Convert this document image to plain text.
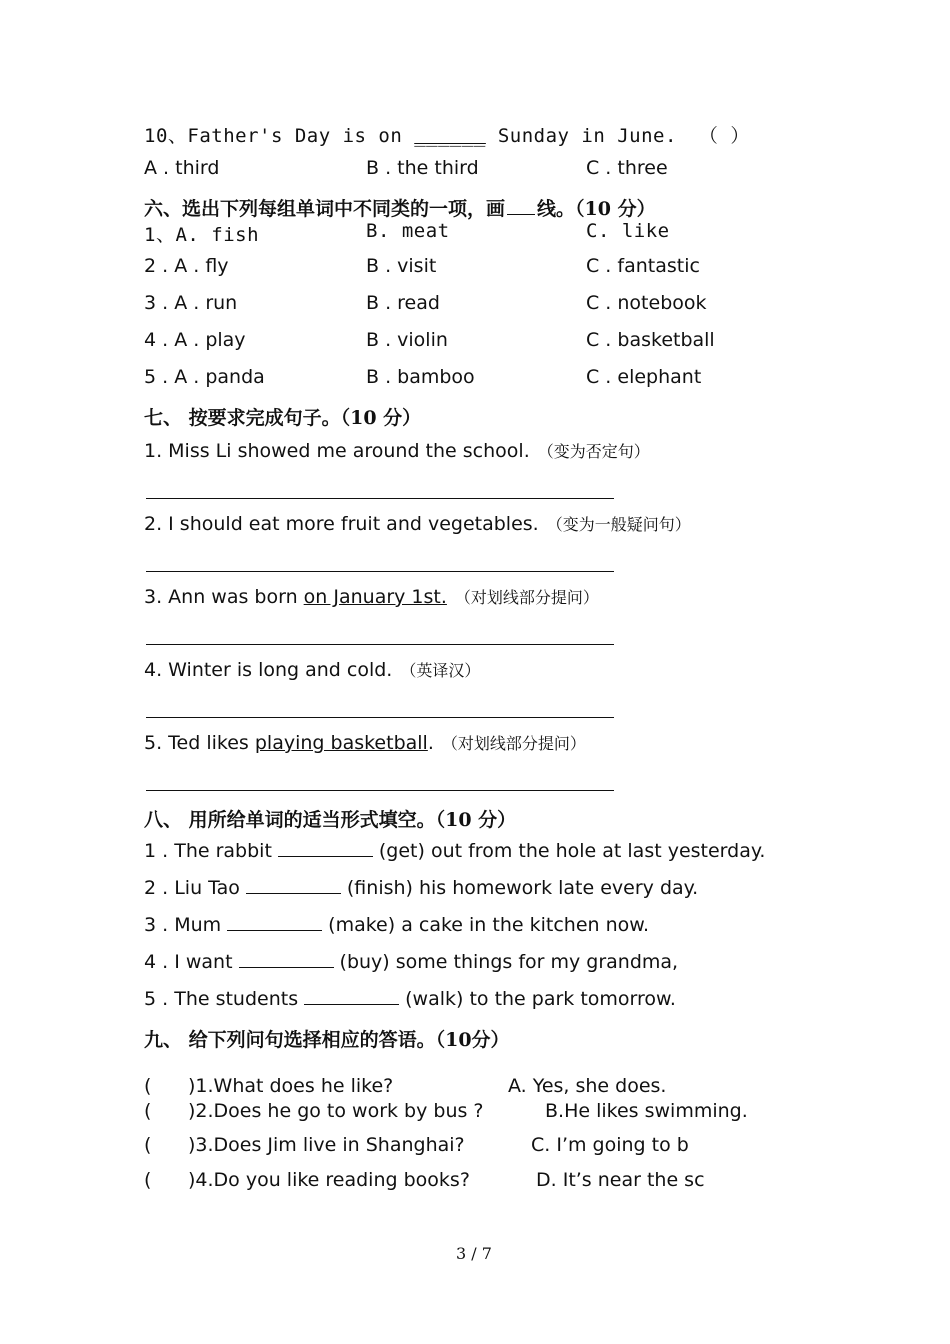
10、Father's Day is on ______ Sunday in June. （ ）
A . third	B . the third	C . three
六、选出下列每组单词中不同类的一项，画 线。（10 分）
1、A. fish	B. meat	C. like
2 . A . fly	B . visit	C . fantastic
3 . A . run	B . read	C . notebook
4 . A . play	B . violin	C . basketball
5 . A . panda	B . bamboo	C . elephant
七、 按要求完成句子。（10 分）
1. Miss Li showed me around the school. （变为否定句）
2. I should eat more fruit and vegetables. （变为一般疑问句）
3. Ann was born on January 1st. （对划线部分提问）
4. Winter is long and cold. （英译汉）
5. Ted likes playing basketball. （对划线部分提问）
八、 用所给单词的适当形式填空。（10 分）
1 . The rabbit	(get) out from the hole at last yesterday.
2 . Liu Tao	(finish) his homework late every day.
3 . Mum	(make) a cake in the kitchen now.
4 . I want	(buy) some things for my grandma,
5 . The students	(walk) to the park tomorrow.
九、 给下列问句选择相应的答语。（10分）
( )1.What does he like?	A. Yes, she does.
( )2.Does he go to work by bus ?	B.He likes swimming.
( )3.Does Jim live in Shanghai?	C. I’m going to b
( )4.Do you like reading books?	D. It’s near the sc
3 / 7
